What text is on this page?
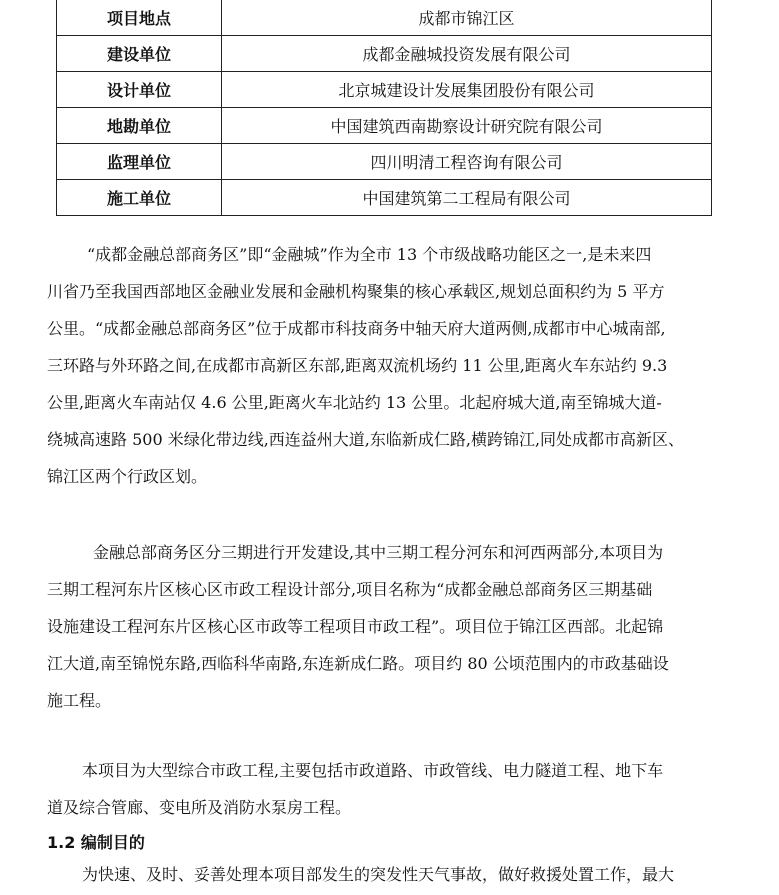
项目地点	成都市锦江区
建设单位	成都金融城投资发展有限公司
设计单位	北京城建设计发展集团股份有限公司
地勘单位	中国建筑西南勘察设计研究院有限公司
监理单位	四川明清工程咨询有限公司
施工单位	中国建筑第二工程局有限公司
“成都金融总部商务区”即“金融城”作为全市 13 个市级战略功能区之一,是未来四
川省乃至我国西部地区金融业发展和金融机构聚集的核心承载区,规划总面积约为 5 平方
公里。“成都金融总部商务区”位于成都市科技商务中轴天府大道两侧,成都市中心城南部,
三环路与外环路之间,在成都市高新区东部,距离双流机场约 11 公里,距离火车东站约 9.3
公里,距离火车南站仅 4.6 公里,距离火车北站约 13 公里。北起府城大道,南至锦城大道-
绕城高速路 500 米绿化带边线,西连益州大道,东临新成仁路,横跨锦江,同处成都市高新区、
锦江区两个行政区划。
金融总部商务区分三期进行开发建设,其中三期工程分河东和河西两部分,本项目为
三期工程河东片区核心区市政工程设计部分,项目名称为“成都金融总部商务区三期基础
设施建设工程河东片区核心区市政等工程项目市政工程”。项目位于锦江区西部。北起锦
江大道,南至锦悦东路,西临科华南路,东连新成仁路。项目约 80 公顷范围内的市政基础设
施工程。
本项目为大型综合市政工程,主要包括市政道路、市政管线、电力隧道工程、地下车
道及综合管廊、变电所及消防水泵房工程。
1.2 编制目的
为快速、及时、妥善处理本项目部发生的突发性天气事故，做好救援处置工作，最大
